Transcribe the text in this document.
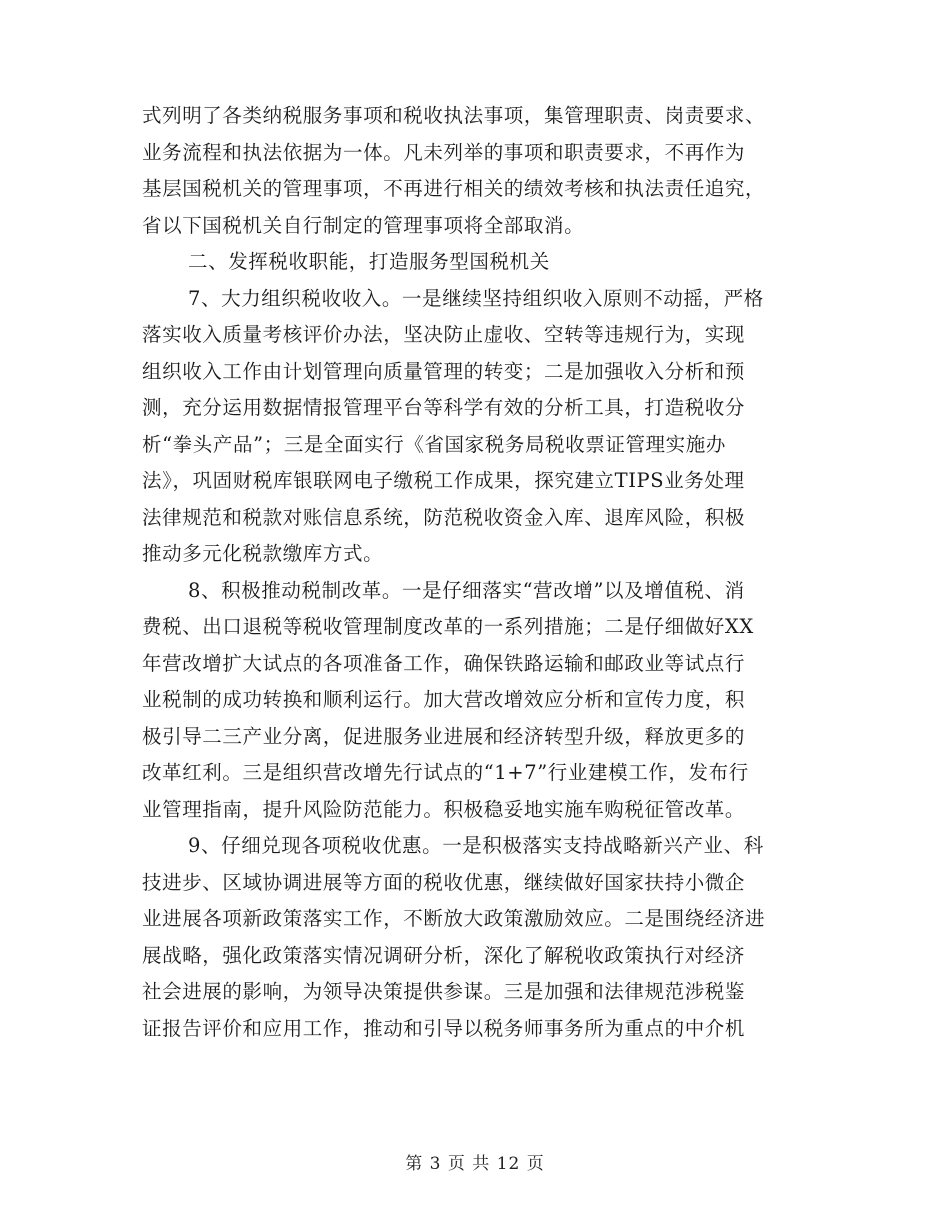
式列明了各类纳税服务事项和税收执法事项，集管理职责、岗责要求、
业务流程和执法依据为一体。凡未列举的事项和职责要求，不再作为
基层国税机关的管理事项，不再进行相关的绩效考核和执法责任追究，
省以下国税机关自行制定的管理事项将全部取消。
二、发挥税收职能，打造服务型国税机关
7、大力组织税收收入。一是继续坚持组织收入原则不动摇，严格
落实收入质量考核评价办法，坚决防止虚收、空转等违规行为，实现
组织收入工作由计划管理向质量管理的转变；二是加强收入分析和预
测，充分运用数据情报管理平台等科学有效的分析工具，打造税收分
析“拳头产品”；三是全面实行《省国家税务局税收票证管理实施办
法》，巩固财税库银联网电子缴税工作成果，探究建立TIPS业务处理
法律规范和税款对账信息系统，防范税收资金入库、退库风险，积极
推动多元化税款缴库方式。
8、积极推动税制改革。一是仔细落实“营改增”以及增值税、消
费税、出口退税等税收管理制度改革的一系列措施；二是仔细做好XX
年营改增扩大试点的各项准备工作，确保铁路运输和邮政业等试点行
业税制的成功转换和顺利运行。加大营改增效应分析和宣传力度，积
极引导二三产业分离，促进服务业进展和经济转型升级，释放更多的
改革红利。三是组织营改增先行试点的“1+7”行业建模工作，发布行
业管理指南，提升风险防范能力。积极稳妥地实施车购税征管改革。
9、仔细兑现各项税收优惠。一是积极落实支持战略新兴产业、科
技进步、区域协调进展等方面的税收优惠，继续做好国家扶持小微企
业进展各项新政策落实工作，不断放大政策激励效应。二是围绕经济进
展战略，强化政策落实情况调研分析，深化了解税收政策执行对经济
社会进展的影响，为领导决策提供参谋。三是加强和法律规范涉税鉴
证报告评价和应用工作，推动和引导以税务师事务所为重点的中介机
第 3 页 共 12 页
